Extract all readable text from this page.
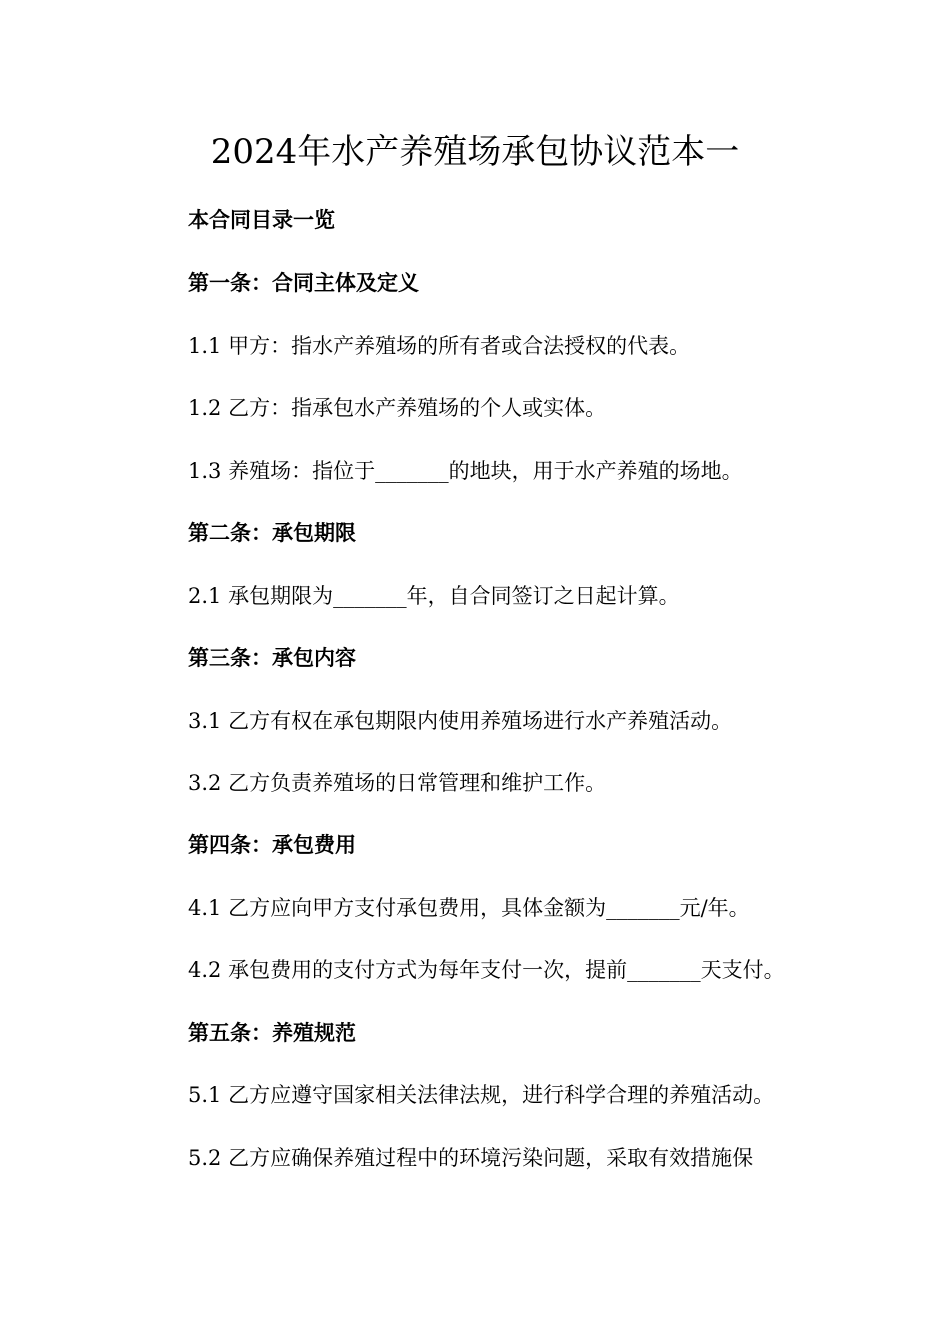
2024年水产养殖场承包协议范本一

本合同目录一览

第一条：合同主体及定义

1.1 甲方：指水产养殖场的所有者或合法授权的代表。

1.2 乙方：指承包水产养殖场的个人或实体。

1.3 养殖场：指位于_______的地块，用于水产养殖的场地。

第二条：承包期限

2.1 承包期限为_______年，自合同签订之日起计算。

第三条：承包内容

3.1 乙方有权在承包期限内使用养殖场进行水产养殖活动。

3.2 乙方负责养殖场的日常管理和维护工作。

第四条：承包费用

4.1 乙方应向甲方支付承包费用，具体金额为_______元/年。

4.2 承包费用的支付方式为每年支付一次，提前_______天支付。

第五条：养殖规范

5.1 乙方应遵守国家相关法律法规，进行科学合理的养殖活动。

5.2 乙方应确保养殖过程中的环境污染问题，采取有效措施保
